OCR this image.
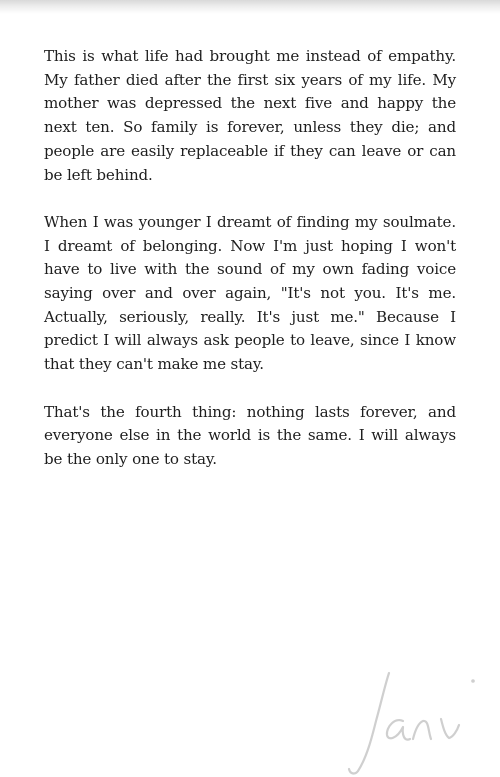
This is what life had brought me instead of empathy. My father died after the first six years of my life. My mother was depressed the next five and happy the next ten. So family is forever, unless they die; and people are easily replaceable if they can leave or can be left behind.

When I was younger I dreamt of finding my soulmate. I dreamt of belonging. Now I'm just hoping I won't have to live with the sound of my own fading voice saying over and over again, "It's not you. It's me. Actually, seriously, really. It's just me." Because I predict I will always ask people to leave, since I know that they can't make me stay.

That's the fourth thing: nothing lasts forever, and everyone else in the world is the same. I will always be the only one to stay.
